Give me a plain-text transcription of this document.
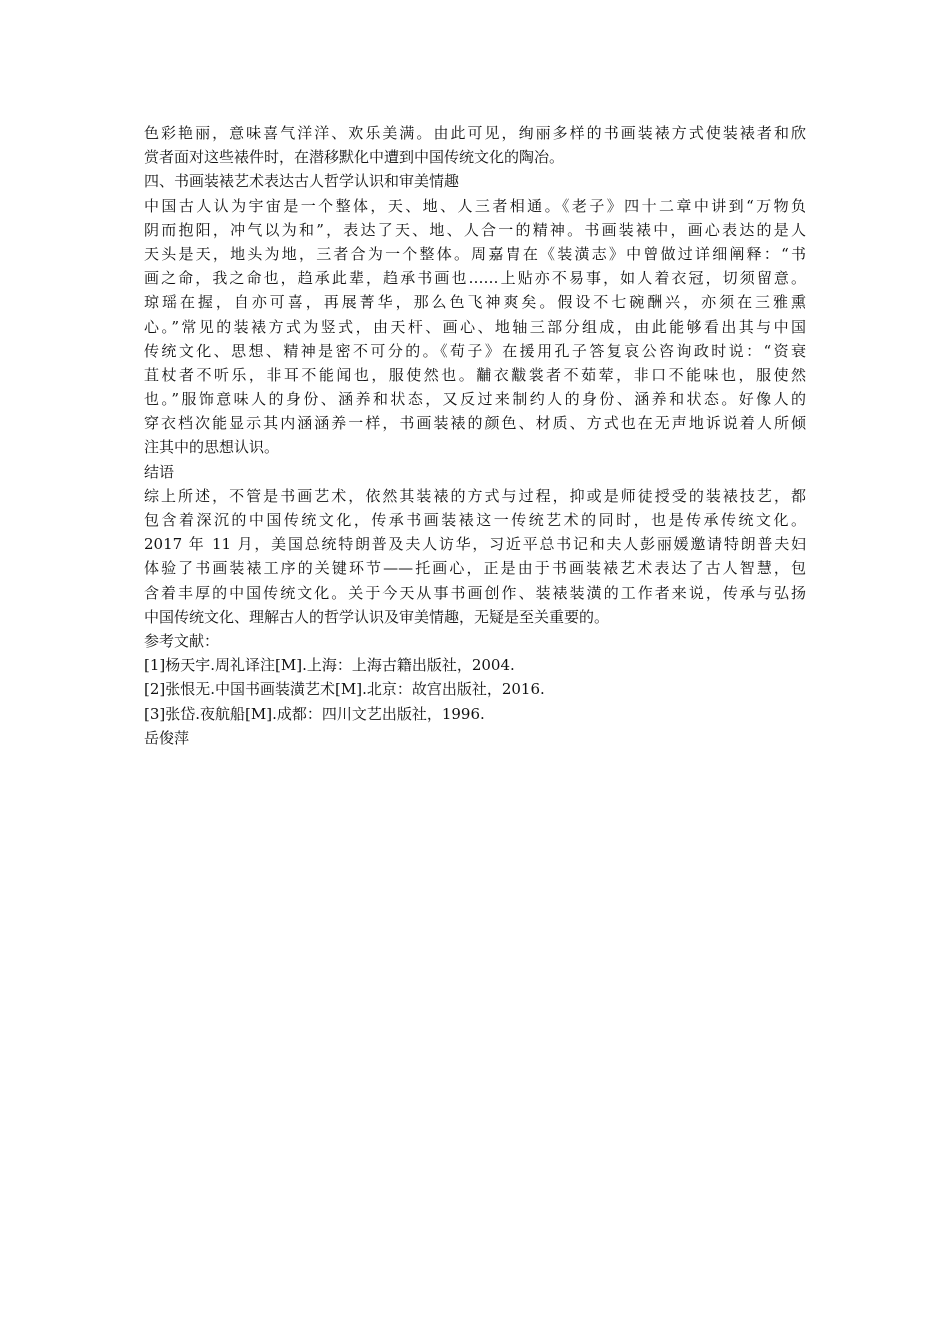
色彩艳丽，意味喜气洋洋、欢乐美满。由此可见，绚丽多样的书画装裱方式使装裱者和欣
赏者面对这些裱件时，在潜移默化中遭到中国传统文化的陶冶。
四、书画装裱艺术表达古人哲学认识和审美情趣
中国古人认为宇宙是一个整体，天、地、人三者相通。《老子》四十二章中讲到“万物负
阴而抱阳，冲气以为和”，表达了天、地、人合一的精神。书画装裱中，画心表达的是人
天头是天，地头为地，三者合为一个整体。周嘉胄在《装潢志》中曾做过详细阐释：“书
画之命，我之命也，趋承此辈，趋承书画也……上贴亦不易事，如人着衣冠，切须留意。
琼瑶在握，自亦可喜，再展菁华，那么色飞神爽矣。假设不七碗酬兴，亦须在三雅熏
心。”常见的装裱方式为竖式，由天杆、画心、地轴三部分组成，由此能够看出其与中国
传统文化、思想、精神是密不可分的。《荀子》在援用孔子答复哀公咨询政时说：“资衰
苴杖者不听乐，非耳不能闻也，服使然也。黼衣黻裳者不茹荤，非口不能味也，服使然
也。”服饰意味人的身份、涵养和状态，又反过来制约人的身份、涵养和状态。好像人的
穿衣档次能显示其内涵涵养一样，书画装裱的颜色、材质、方式也在无声地诉说着人所倾
注其中的思想认识。
结语
综上所述，不管是书画艺术，依然其装裱的方式与过程，抑或是师徒授受的装裱技艺，都
包含着深沉的中国传统文化，传承书画装裱这一传统艺术的同时，也是传承传统文化。
2017 年 11 月，美国总统特朗普及夫人访华，习近平总书记和夫人彭丽媛邀请特朗普夫妇
体验了书画装裱工序的关键环节——托画心，正是由于书画装裱艺术表达了古人智慧，包
含着丰厚的中国传统文化。关于今天从事书画创作、装裱装潢的工作者来说，传承与弘扬
中国传统文化、理解古人的哲学认识及审美情趣，无疑是至关重要的。
参考文献：
[1]杨天宇.周礼译注[M].上海：上海古籍出版社，2004.
[2]张恨无.中国书画装潢艺术[M].北京：故宫出版社，2016.
[3]张岱.夜航船[M].成都：四川文艺出版社，1996.
岳俊萍
